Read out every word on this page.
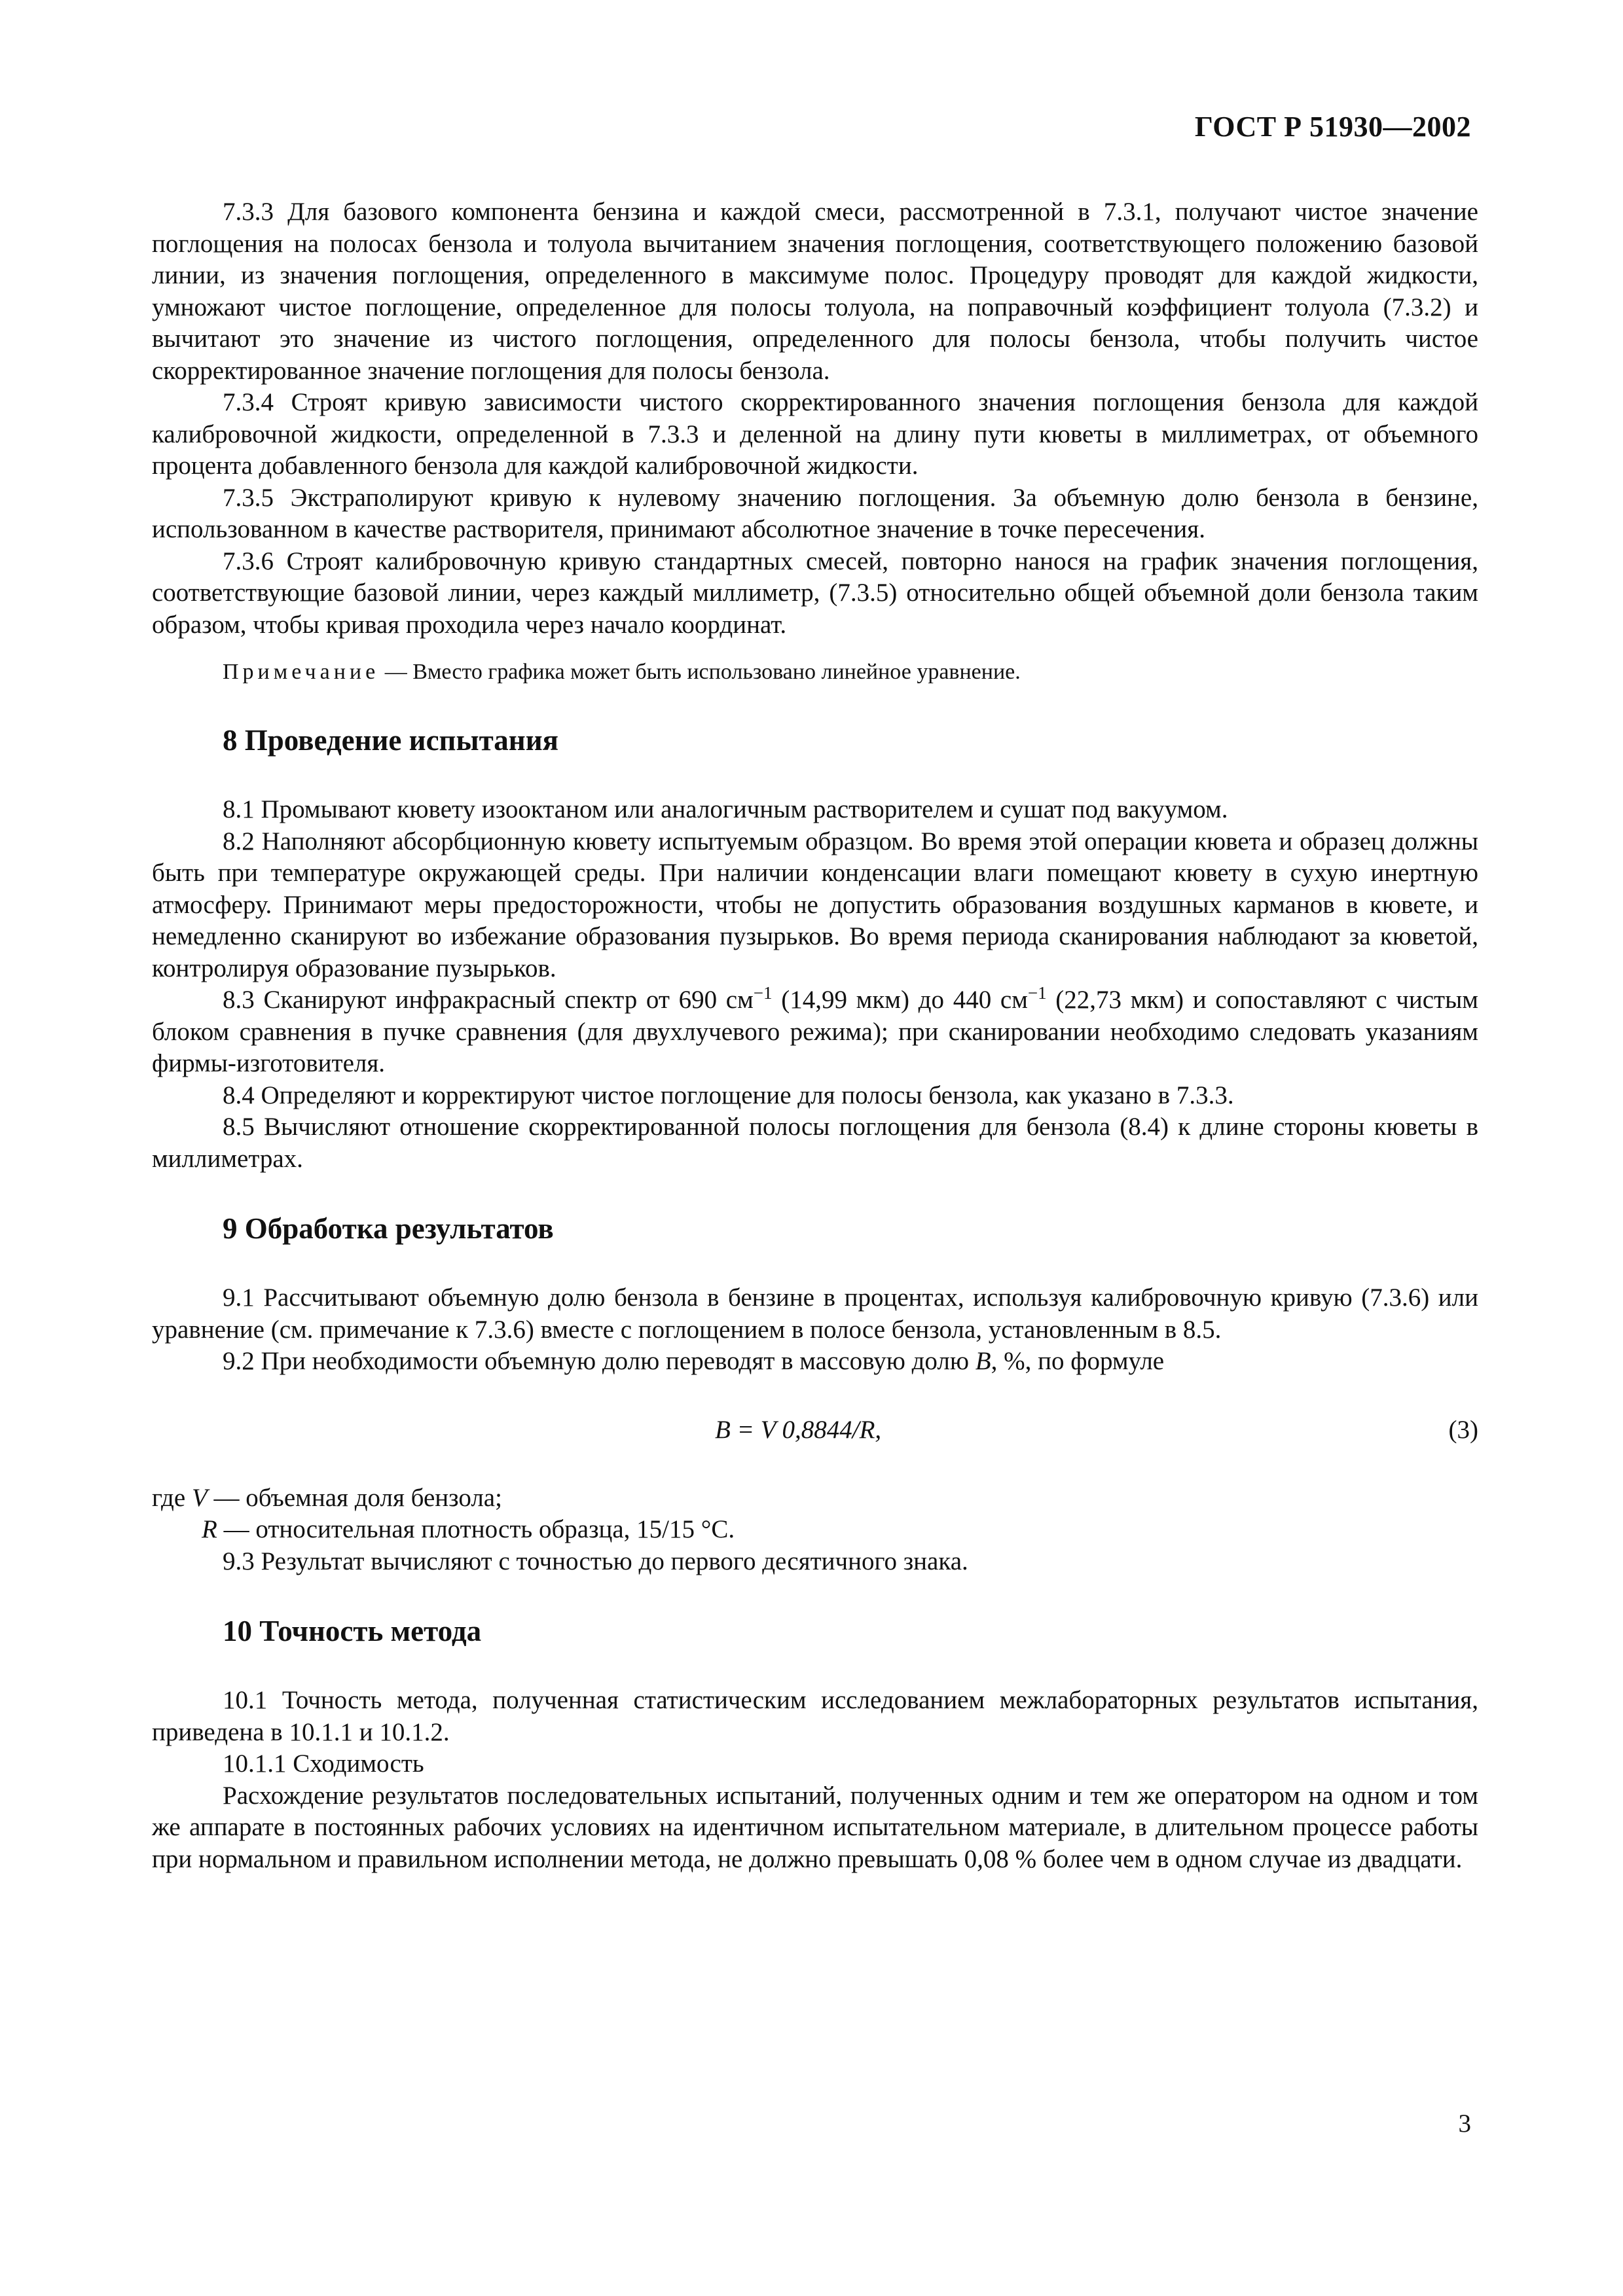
ГОСТ Р 51930—2002

7.3.3 Для базового компонента бензина и каждой смеси, рассмотренной в 7.3.1, получают чистое значение поглощения на полосах бензола и толуола вычитанием значения поглощения, соответствующего положению базовой линии, из значения поглощения, определенного в максимуме полос. Процедуру проводят для каждой жидкости, умножают чистое поглощение, определенное для полосы толуола, на поправочный коэффициент толуола (7.3.2) и вычитают это значение из чистого поглощения, определенного для полосы бензола, чтобы получить чистое скорректированное значение поглощения для полосы бензола.

7.3.4 Строят кривую зависимости чистого скорректированного значения поглощения бензола для каждой калибровочной жидкости, определенной в 7.3.3 и деленной на длину пути кюветы в миллиметрах, от объемного процента добавленного бензола для каждой калибровочной жидкости.

7.3.5 Экстраполируют кривую к нулевому значению поглощения. За объемную долю бензола в бензине, использованном в качестве растворителя, принимают абсолютное значение в точке пересечения.

7.3.6 Строят калибровочную кривую стандартных смесей, повторно нанося на график значения поглощения, соответствующие базовой линии, через каждый миллиметр, (7.3.5) относительно общей объемной доли бензола таким образом, чтобы кривая проходила через начало координат.

Примечание — Вместо графика может быть использовано линейное уравнение.

8 Проведение испытания

8.1 Промывают кювету изооктаном или аналогичным растворителем и сушат под вакуумом.

8.2 Наполняют абсорбционную кювету испытуемым образцом. Во время этой операции кювета и образец должны быть при температуре окружающей среды. При наличии конденсации влаги помещают кювету в сухую инертную атмосферу. Принимают меры предосторожности, чтобы не допустить образования воздушных карманов в кювете, и немедленно сканируют во избежание образования пузырьков. Во время периода сканирования наблюдают за кюветой, контролируя образование пузырьков.

8.3 Сканируют инфракрасный спектр от 690 $см^{-1}$ (14,99 мкм) до 440 $см^{-1}$ (22,73 мкм) и сопоставляют с чистым блоком сравнения в пучке сравнения (для двухлучевого режима); при сканировании необходимо следовать указаниям фирмы-изготовителя.

8.4 Определяют и корректируют чистое поглощение для полосы бензола, как указано в 7.3.3.

8.5 Вычисляют отношение скорректированной полосы поглощения для бензола (8.4) к длине стороны кюветы в миллиметрах.

9 Обработка результатов

9.1 Рассчитывают объемную долю бензола в бензине в процентах, используя калибровочную кривую (7.3.6) или уравнение (см. примечание к 7.3.6) вместе с поглощением в полосе бензола, установленным в 8.5.

9.2 При необходимости объемную долю переводят в массовую долю B, %, по формуле

B = V 0,8844/R,	(3)

где V — объемная доля бензола;

R — относительная плотность образца, 15/15 °С.

9.3 Результат вычисляют с точностью до первого десятичного знака.

10 Точность метода

10.1 Точность метода, полученная статистическим исследованием межлабораторных результатов испытания, приведена в 10.1.1 и 10.1.2.

10.1.1 Сходимость

Расхождение результатов последовательных испытаний, полученных одним и тем же оператором на одном и том же аппарате в постоянных рабочих условиях на идентичном испытательном материале, в длительном процессе работы при нормальном и правильном исполнении метода, не должно превышать 0,08 % более чем в одном случае из двадцати.

3
